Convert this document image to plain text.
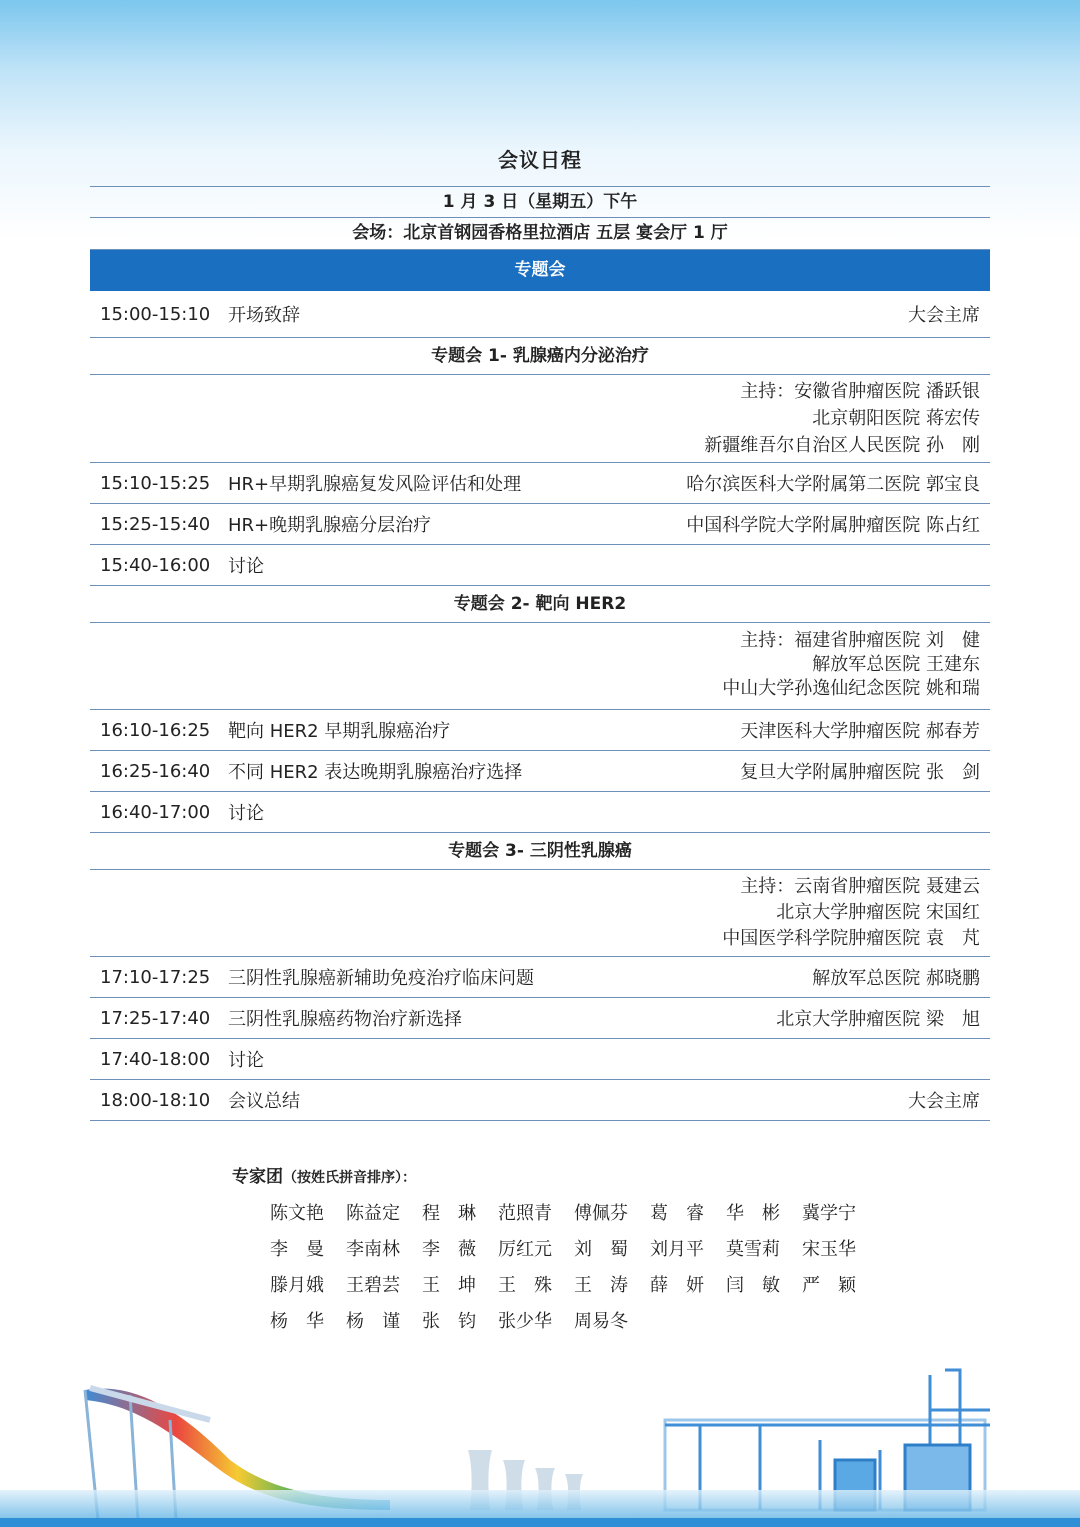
会议日程
1 月 3 日（星期五）下午
会场：北京首钢园香格里拉酒店 五层 宴会厅 1 厅
专题会
15:00-15:10 开场致辞	大会主席
专题会 1- 乳腺癌内分泌治疗
主持：安徽省肿瘤医院 潘跃银
北京朝阳医院 蒋宏传
新疆维吾尔自治区人民医院 孙　刚
15:10-15:25 HR+早期乳腺癌复发风险评估和处理	哈尔滨医科大学附属第二医院 郭宝良
15:25-15:40 HR+晚期乳腺癌分层治疗	中国科学院大学附属肿瘤医院 陈占红
15:40-16:00 讨论
专题会 2- 靶向 HER2
主持：福建省肿瘤医院 刘　健
解放军总医院 王建东
中山大学孙逸仙纪念医院 姚和瑞
16:10-16:25 靶向 HER2 早期乳腺癌治疗	天津医科大学肿瘤医院 郝春芳
16:25-16:40 不同 HER2 表达晚期乳腺癌治疗选择	复旦大学附属肿瘤医院 张　剑
16:40-17:00 讨论
专题会 3- 三阴性乳腺癌
主持：云南省肿瘤医院 聂建云
北京大学肿瘤医院 宋国红
中国医学科学院肿瘤医院 袁　芃
17:10-17:25 三阴性乳腺癌新辅助免疫治疗临床问题	解放军总医院 郝晓鹏
17:25-17:40 三阴性乳腺癌药物治疗新选择	北京大学肿瘤医院 梁　旭
17:40-18:00 讨论
18:00-18:10 会议总结	大会主席
专家团（按姓氏拼音排序）：
陈文艳 陈益定 程　琳 范照青 傅佩芬 葛　睿 华　彬 冀学宁
李　曼 李南林 李　薇 厉红元 刘　蜀 刘月平 莫雪莉 宋玉华
滕月娥 王碧芸 王　坤 王　殊 王　涛 薛　妍 闫　敏 严　颖
杨　华 杨　谨 张　钧 张少华 周易冬
